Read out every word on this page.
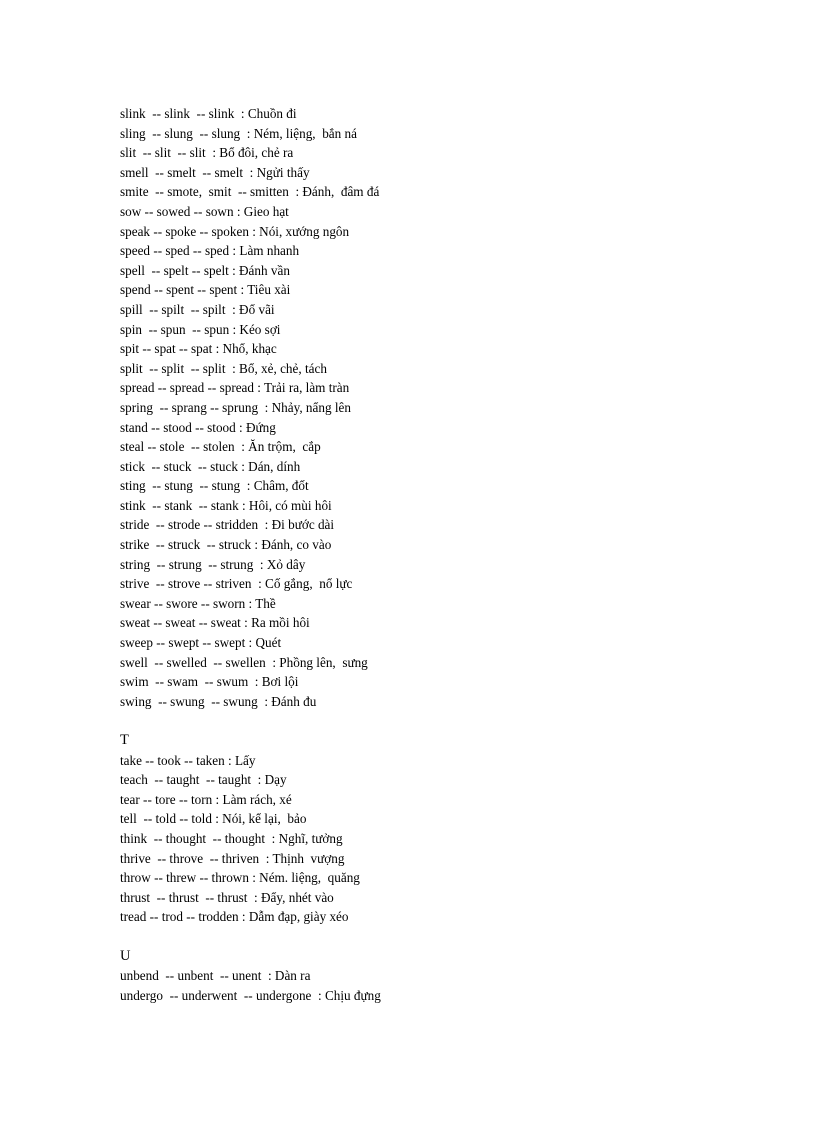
slink  -- slink  -- slink  : Chuồn đi
sling  -- slung  -- slung  : Ném, liệng,  bắn ná
slit  -- slit  -- slit  : Bổ đôi, chẻ ra
smell  -- smelt  -- smelt  : Ngửi thấy
smite  -- smote,  smit  -- smitten  : Đánh,  đâm đá
sow -- sowed -- sown : Gieo hạt
speak -- spoke -- spoken : Nói, xướng ngôn
speed -- sped -- sped : Làm nhanh
spell  -- spelt -- spelt : Đánh vần
spend -- spent -- spent : Tiêu xài
spill  -- spilt  -- spilt  : Đổ vãi
spin  -- spun  -- spun : Kéo sợi
spit -- spat -- spat : Nhổ, khạc
split  -- split  -- split  : Bổ, xẻ, chẻ, tách
spread -- spread -- spread : Trải ra, làm tràn
spring  -- sprang -- sprung  : Nhảy, nẩng lên
stand -- stood -- stood : Đứng
steal -- stole  -- stolen  : Ăn trộm,  cắp
stick  -- stuck  -- stuck : Dán, dính
sting  -- stung  -- stung  : Châm, đốt
stink  -- stank  -- stank : Hôi, có mùi hôi
stride  -- strode -- stridden  : Đi bước dài
strike  -- struck  -- struck : Đánh, co vào
string  -- strung  -- strung  : Xỏ dây
strive  -- strove -- striven  : Cố gắng,  nổ lực
swear -- swore -- sworn : Thề
sweat -- sweat -- sweat : Ra mồi hôi
sweep -- swept -- swept : Quét
swell  -- swelled  -- swellen  : Phồng lên,  sưng
swim  -- swam  -- swum  : Bơi lội
swing  -- swung  -- swung  : Đánh đu
T
take -- took -- taken : Lấy
teach  -- taught  -- taught  : Dạy
tear -- tore -- torn : Làm rách, xé
tell  -- told -- told : Nói, kể lại,  bảo
think  -- thought  -- thought  : Nghĩ, tưởng
thrive  -- throve  -- thriven  : Thịnh  vượng
throw -- threw -- thrown : Ném. liệng,  quăng
thrust  -- thrust  -- thrust  : Đẩy, nhét vào
tread -- trod -- trodden : Dẫm đạp, giày xéo
U
unbend  -- unbent  -- unent  : Dàn ra
undergo  -- underwent  -- undergone  : Chịu đựng
